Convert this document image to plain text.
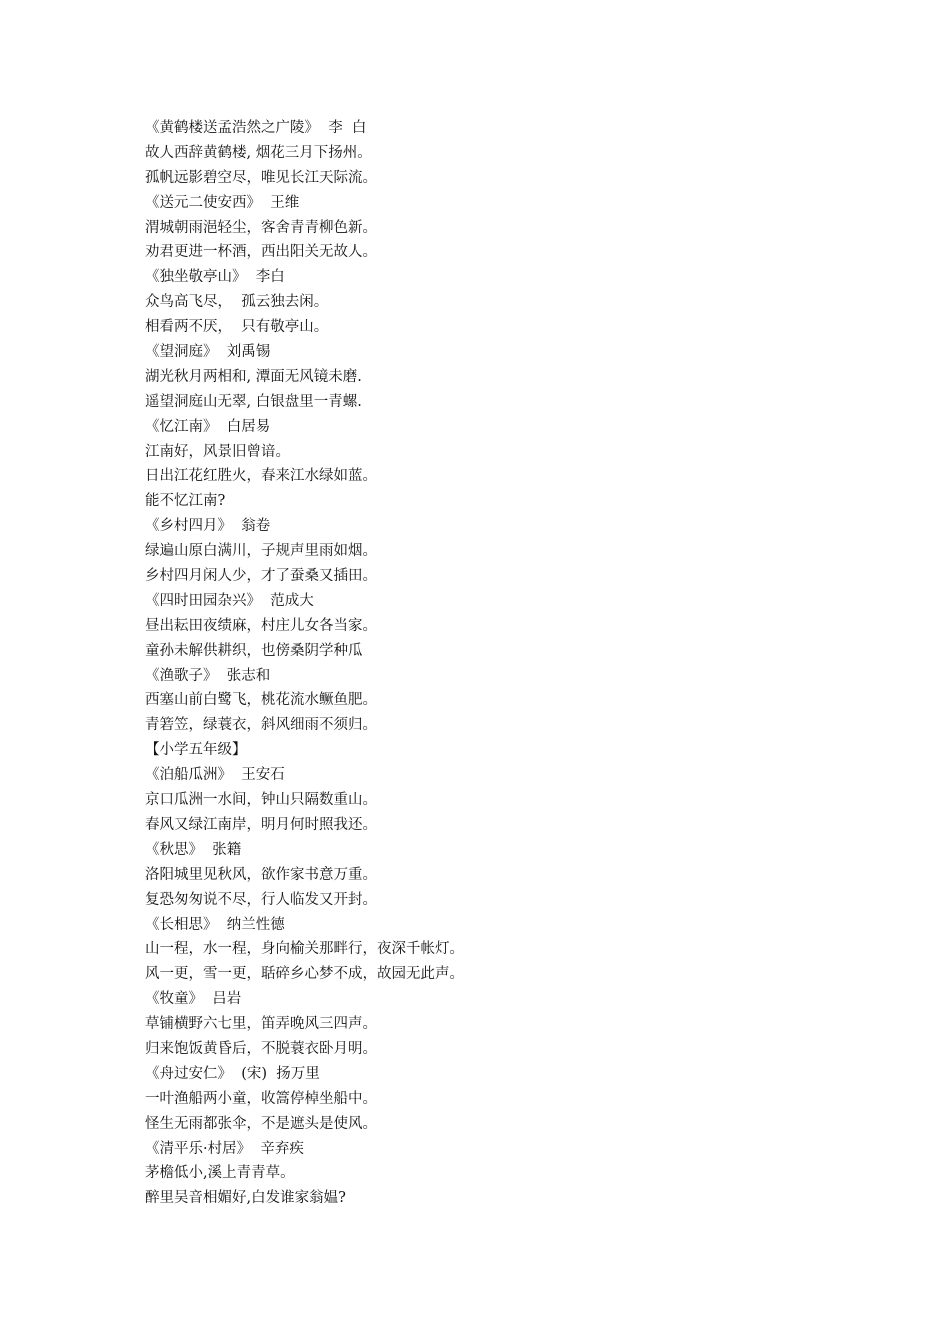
《黄鹤楼送孟浩然之广陵》  李  白
故人西辞黄鹤楼, 烟花三月下扬州。
孤帆远影碧空尽，唯见长江天际流。
《送元二使安西》  王维
渭城朝雨浥轻尘，客舍青青柳色新。
劝君更进一杯酒，西出阳关无故人。
《独坐敬亭山》  李白
众鸟高飞尽，  孤云独去闲。
相看两不厌，  只有敬亭山。
《望洞庭》  刘禹锡
湖光秋月两相和, 潭面无风镜未磨.
遥望洞庭山无翠, 白银盘里一青螺.
《忆江南》  白居易
江南好，风景旧曾谙。
日出江花红胜火，春来江水绿如蓝。
能不忆江南?
《乡村四月》  翁卷
绿遍山原白满川，子规声里雨如烟。
乡村四月闲人少，才了蚕桑又插田。
《四时田园杂兴》  范成大
昼出耘田夜绩麻，村庄儿女各当家。
童孙未解供耕织，也傍桑阴学种瓜
《渔歌子》  张志和
西塞山前白鹭飞，桃花流水鳜鱼肥。
青箬笠，绿蓑衣，斜风细雨不须归。
【小学五年级】
《泊船瓜洲》  王安石
京口瓜洲一水间，钟山只隔数重山。
春风又绿江南岸，明月何时照我还。
《秋思》  张籍
洛阳城里见秋风，欲作家书意万重。
复恐匆匆说不尽，行人临发又开封。
《长相思》  纳兰性德
山一程，水一程，身向榆关那畔行，夜深千帐灯。
风一更，雪一更，聒碎乡心梦不成，故园无此声。
《牧童》  吕岩
草铺横野六七里，笛弄晚风三四声。
归来饱饭黄昏后，不脱蓑衣卧月明。
《舟过安仁》  (宋)  扬万里
一叶渔船两小童，收篙停棹坐船中。
怪生无雨都张伞，不是遮头是使风。
《清平乐·村居》  辛弃疾
茅檐低小,溪上青青草。
醉里吴音相媚好,白发谁家翁媪?
